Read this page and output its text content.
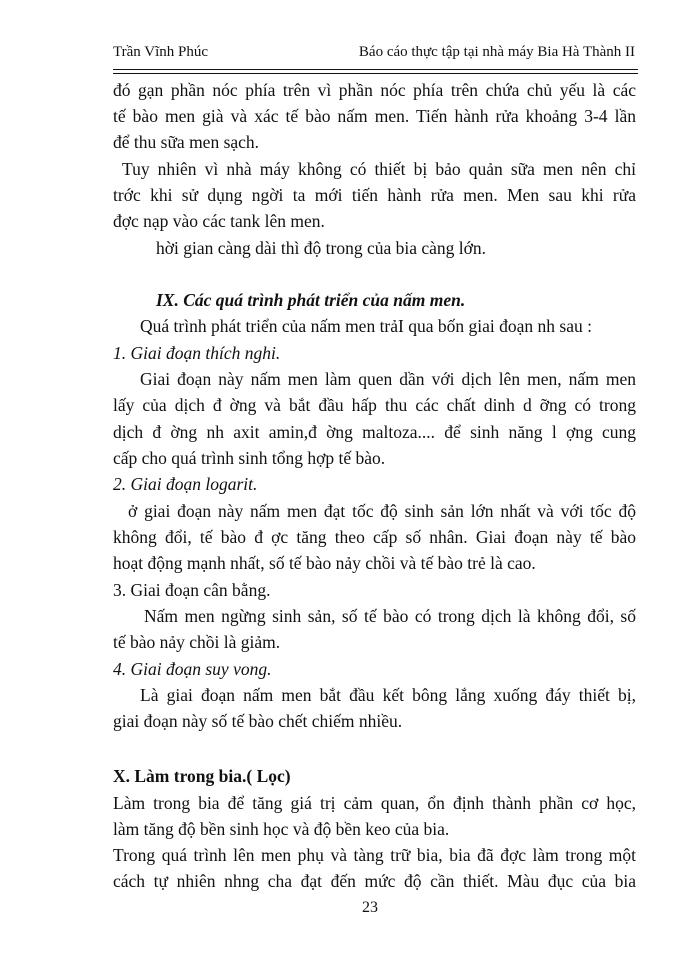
Trần Vĩnh Phúc	Báo cáo thực tập tại nhà máy Bia Hà Thành II
đó gạn phần nóc phía trên vì phần nóc phía trên chứa chủ yếu là các
tế bào men già và xác tế bào nấm men. Tiến hành rửa khoảng 3-4 lần
để thu sữa men sạch.
Tuy nhiên vì nhà máy không có thiết bị bảo quản sữa men nên chỉ
trớc khi sử dụng ngời ta mới tiến hành rửa men. Men sau khi rửa
đợc nạp vào các tank lên men.
hời gian càng dài thì độ trong của bia càng lớn.
IX. Các quá trình phát triển của nấm men.
Quá trình phát triển của nấm men trảI qua bốn giai đoạn nh sau :
1. Giai đoạn thích nghi.
Giai đoạn này nấm men làm quen dần với dịch lên men, nấm men
lấy của dịch đ ờng và bắt đầu hấp thu các chất dinh d ỡng có trong
dịch đ ờng nh axit amin,đ ờng maltoza.... để sinh năng l ợng cung
cấp cho quá trình sinh tổng hợp tế bào.
2. Giai đoạn logarit.
ở giai đoạn này nấm men đạt tốc độ sinh sản lớn nhất và với tốc độ
không đổi, tế bào đ ợc tăng theo cấp số nhân. Giai đoạn này tế bào
hoạt động mạnh nhất, số tế bào nảy chồi và tế bào trẻ là cao.
3. Giai đoạn cân bằng.
Nấm men ngừng sinh sản, số tế bào có trong dịch là không đổi, số
tế bào nảy chồi là giảm.
4. Giai đoạn suy vong.
Là giai đoạn nấm men bắt đầu kết bông lắng xuống đáy thiết bị,
giai đoạn này số tế bào chết chiếm nhiều.
X. Làm trong bia.( Lọc)
Làm trong bia để tăng giá trị cảm quan, ổn định thành phần cơ học,
làm tăng độ bền sinh học và độ bền keo của bia.
Trong quá trình lên men phụ và tàng trữ bia, bia đã đợc làm trong một
cách tự nhiên nhng cha đạt đến mức độ cần thiết. Màu đục của bia
23
